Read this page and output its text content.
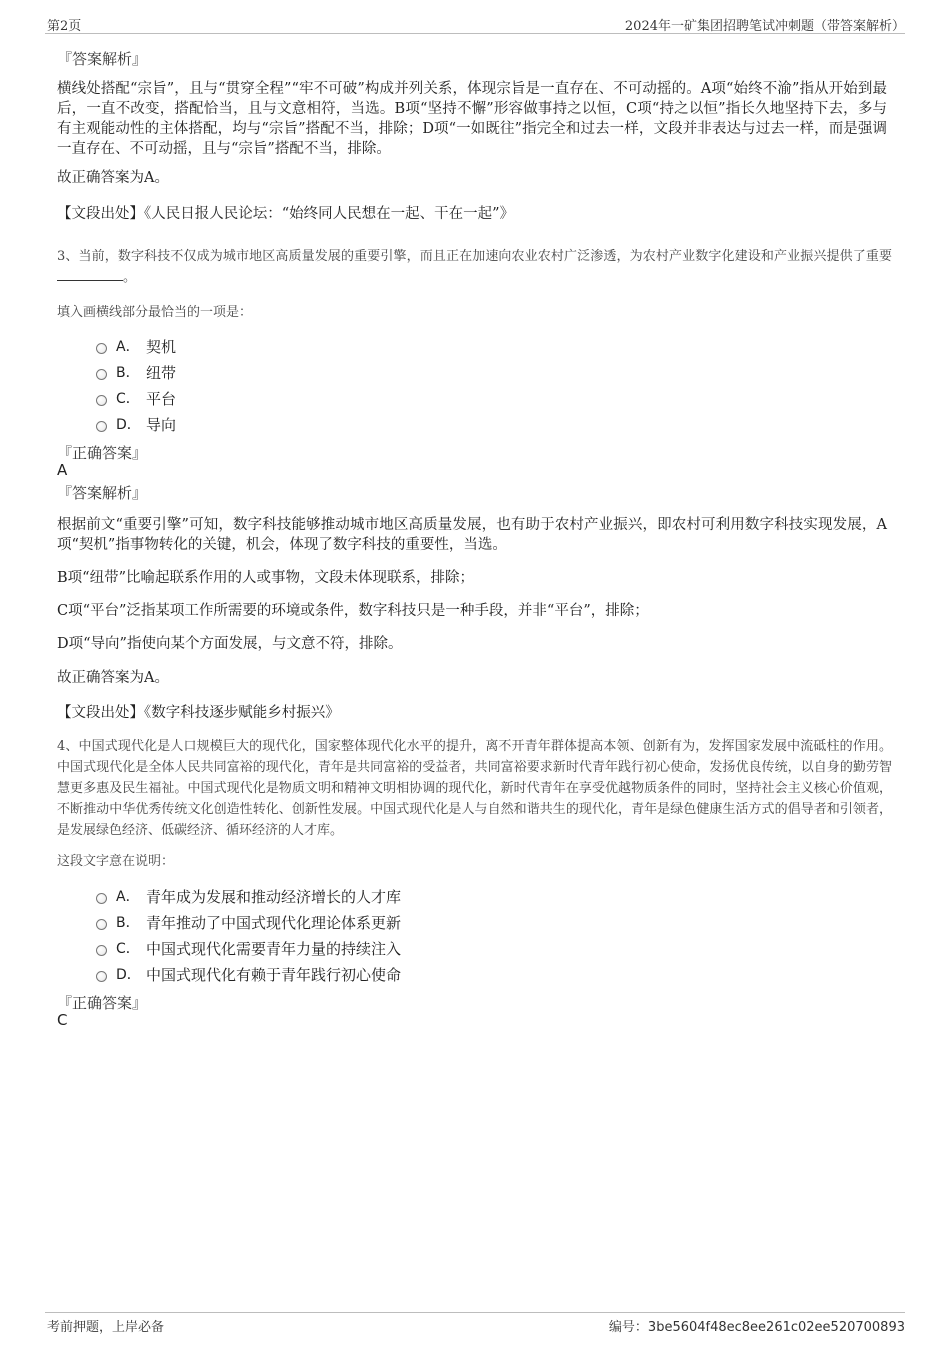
第2页	2024年一矿集团招聘笔试冲刺题（带答案解析）
『答案解析』
横线处搭配“宗旨”，且与“贯穿全程”“牢不可破”构成并列关系，体现宗旨是一直存在、不可动摇的。A项“始终不渝”指从开始到最后，一直不改变，搭配恰当，且与文意相符，当选。B项“坚持不懈”形容做事持之以恒，C项“持之以恒”指长久地坚持下去，多与有主观能动性的主体搭配，均与“宗旨”搭配不当，排除；D项“一如既往”指完全和过去一样，文段并非表达与过去一样，而是强调一直存在、不可动摇，且与“宗旨”搭配不当，排除。
故正确答案为A。
【文段出处】《人民日报人民论坛：“始终同人民想在一起、干在一起”》
3、当前，数字科技不仅成为城市地区高质量发展的重要引擎，而且正在加速向农业农村广泛渗透，为农村产业数字化建设和产业振兴提供了重要。
填入画横线部分最恰当的一项是：
A． 契机
B． 纽带
C． 平台
D． 导向
『正确答案』
A
『答案解析』
根据前文“重要引擎”可知，数字科技能够推动城市地区高质量发展，也有助于农村产业振兴，即农村可利用数字科技实现发展，A项“契机”指事物转化的关键，机会，体现了数字科技的重要性，当选。
B项“纽带”比喻起联系作用的人或事物，文段未体现联系，排除；
C项“平台”泛指某项工作所需要的环境或条件，数字科技只是一种手段，并非“平台”，排除；
D项“导向”指使向某个方面发展，与文意不符，排除。
故正确答案为A。
【文段出处】《数字科技逐步赋能乡村振兴》
4、中国式现代化是人口规模巨大的现代化，国家整体现代化水平的提升，离不开青年群体提高本领、创新有为，发挥国家发展中流砥柱的作用。中国式现代化是全体人民共同富裕的现代化，青年是共同富裕的受益者，共同富裕要求新时代青年践行初心使命，发扬优良传统，以自身的勤劳智慧更多惠及民生福祉。中国式现代化是物质文明和精神文明相协调的现代化，新时代青年在享受优越物质条件的同时，坚持社会主义核心价值观，不断推动中华优秀传统文化创造性转化、创新性发展。中国式现代化是人与自然和谐共生的现代化，青年是绿色健康生活方式的倡导者和引领者，是发展绿色经济、低碳经济、循环经济的人才库。
这段文字意在说明：
A． 青年成为发展和推动经济增长的人才库
B． 青年推动了中国式现代化理论体系更新
C． 中国式现代化需要青年力量的持续注入
D． 中国式现代化有赖于青年践行初心使命
『正确答案』
C
考前押题，上岸必备	编号：3be5604f48ec8ee261c02ee520700893
